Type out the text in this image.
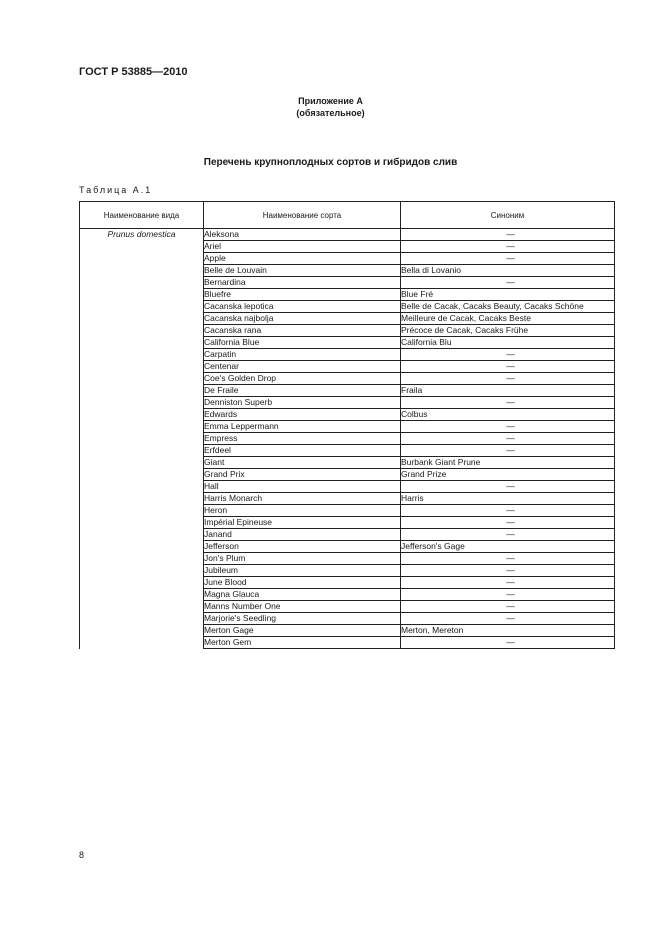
ГОСТ Р 53885—2010
Приложение А
(обязательное)
Перечень крупноплодных сортов и гибридов слив
Таблица А.1
Наименование вида	Наименование сорта	Синоним
Prunus domestica	Aleksona	—
	Ariel	—
	Apple	—
	Belle de Louvain	Bella di Lovanio
	Bernardina	—
	Bluefre	Blue Fré
	Cacanska lepotica	Belle de Cacak, Cacaks Beauty, Cacaks Schöne
	Cacanska najbolja	Meilleure de Cacak, Cacaks Beste
	Cacanska rana	Précoce de Cacak, Cacaks Frühe
	California Blue	California Blu
	Carpatin	—
	Centenar	—
	Coe's Golden Drop	—
	De Fraile	Fraila
	Denniston Superb	—
	Edwards	Colbus
	Emma Leppermann	—
	Empress	—
	Erfdeel	—
	Giant	Burbank Giant Prune
	Grand Prix	Grand Prize
	Hall	—
	Harris Monarch	Harris
	Heron	—
	Impérial Epineuse	—
	Janand	—
	Jefferson	Jefferson's Gage
	Jon's Plum	—
	Jubileum	—
	June Blood	—
	Magna Glauca	—
	Manns Number One	—
	Marjorie's Seedling	—
	Merton Gage	Merton, Mereton
	Merton Gem	—
8
